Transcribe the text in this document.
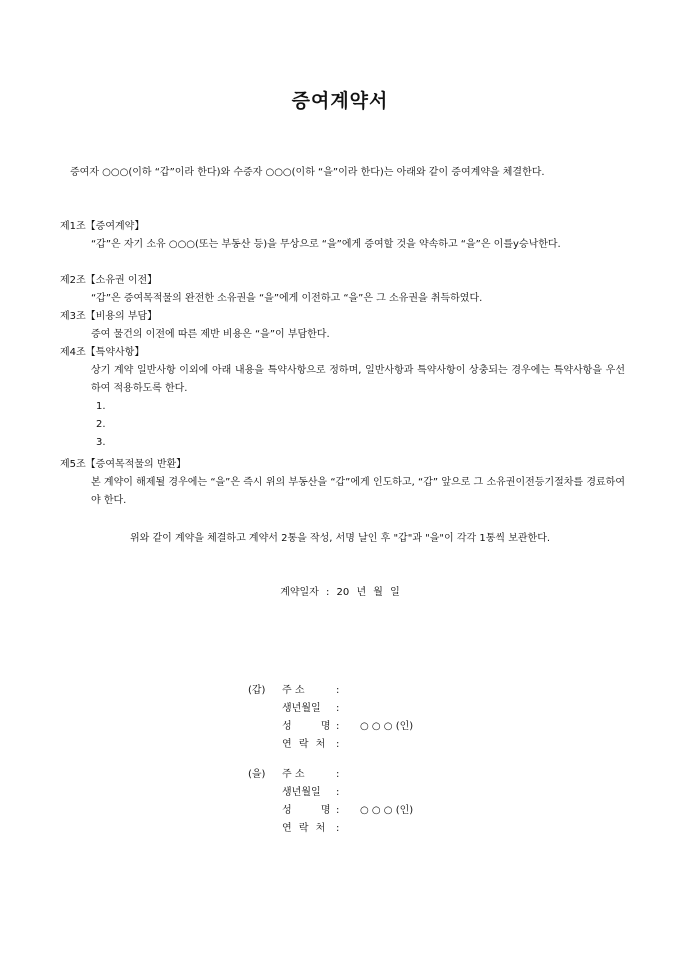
증여계약서
증여자 ○○○(이하 “갑”이라 한다)와 수증자 ○○○(이하 “을”이라 한다)는 아래와 같이 증여계약을 체결한다.
제1조【증여계약】
“갑”은 자기 소유 ○○○(또는 부동산 등)을 무상으로 “을”에게 증여할 것을 약속하고 “을”은 이를y승낙한다.
제2조【소유권 이전】
“갑”은 증여목적물의 완전한 소유권을 “을”에게 이전하고 “을”은 그 소유권을 취득하였다.
제3조【비용의 부담】
증여 물건의 이전에 따른 제반 비용은 “을”이 부담한다.
제4조【특약사항】
상기 계약 일반사항 이외에 아래 내용을 특약사항으로 정하며, 일반사항과 특약사항이 상충되는 경우에는 특약사항을 우선하여 적용하도록 한다.
1.
2.
3.
제5조【증여목적물의 반환】
본 계약이 해제될 경우에는 “을”은 즉시 위의 부동산을 “갑”에게 인도하고, “갑” 앞으로 그 소유권이전등기절차를 경료하여야 한다.
위와 같이 계약을 체결하고 계약서 2통을 작성, 서명 날인 후 "갑"과 "을"이 각각 1통씩 보관한다.
계약일자 : 20 년 월 일
(갑) 주 소	:
생년월일	:
성 명 : ○ ○ ○ (인)
연 락 처 :
(을) 주 소	:
생년월일	:
성 명 : ○ ○ ○ (인)
연 락 처 :
